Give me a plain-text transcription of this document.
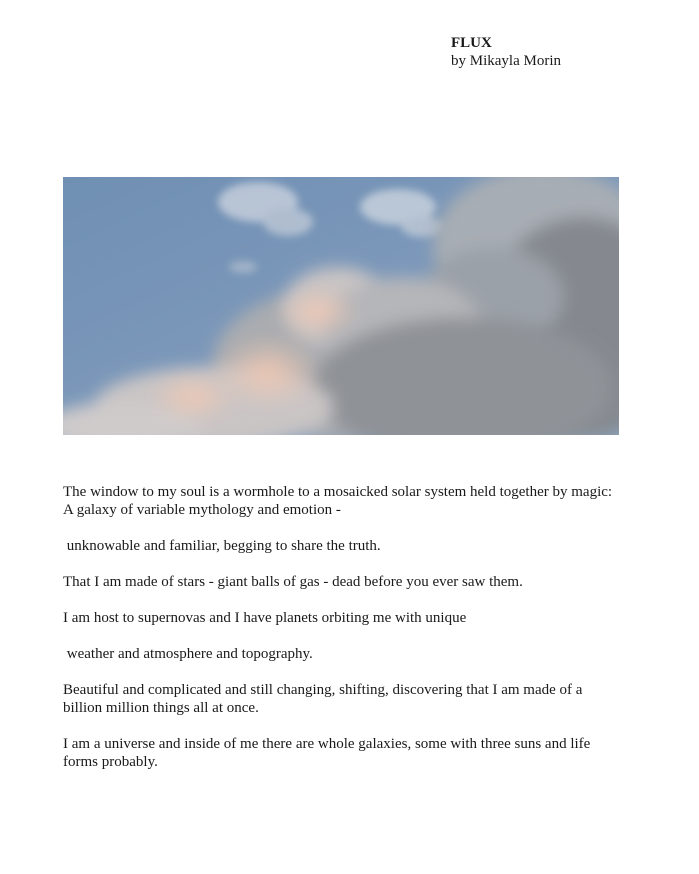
FLUX
by Mikayla Morin

The window to my soul is a wormhole to a mosaicked solar system held together by magic: A galaxy of variable mythology and emotion -

unknowable and familiar, begging to share the truth.

That I am made of stars - giant balls of gas - dead before you ever saw them.

I am host to supernovas and I have planets orbiting me with unique

weather and atmosphere and topography.

Beautiful and complicated and still changing, shifting, discovering that I am made of a billion million things all at once.

I am a universe and inside of me there are whole galaxies, some with three suns and life forms probably.
